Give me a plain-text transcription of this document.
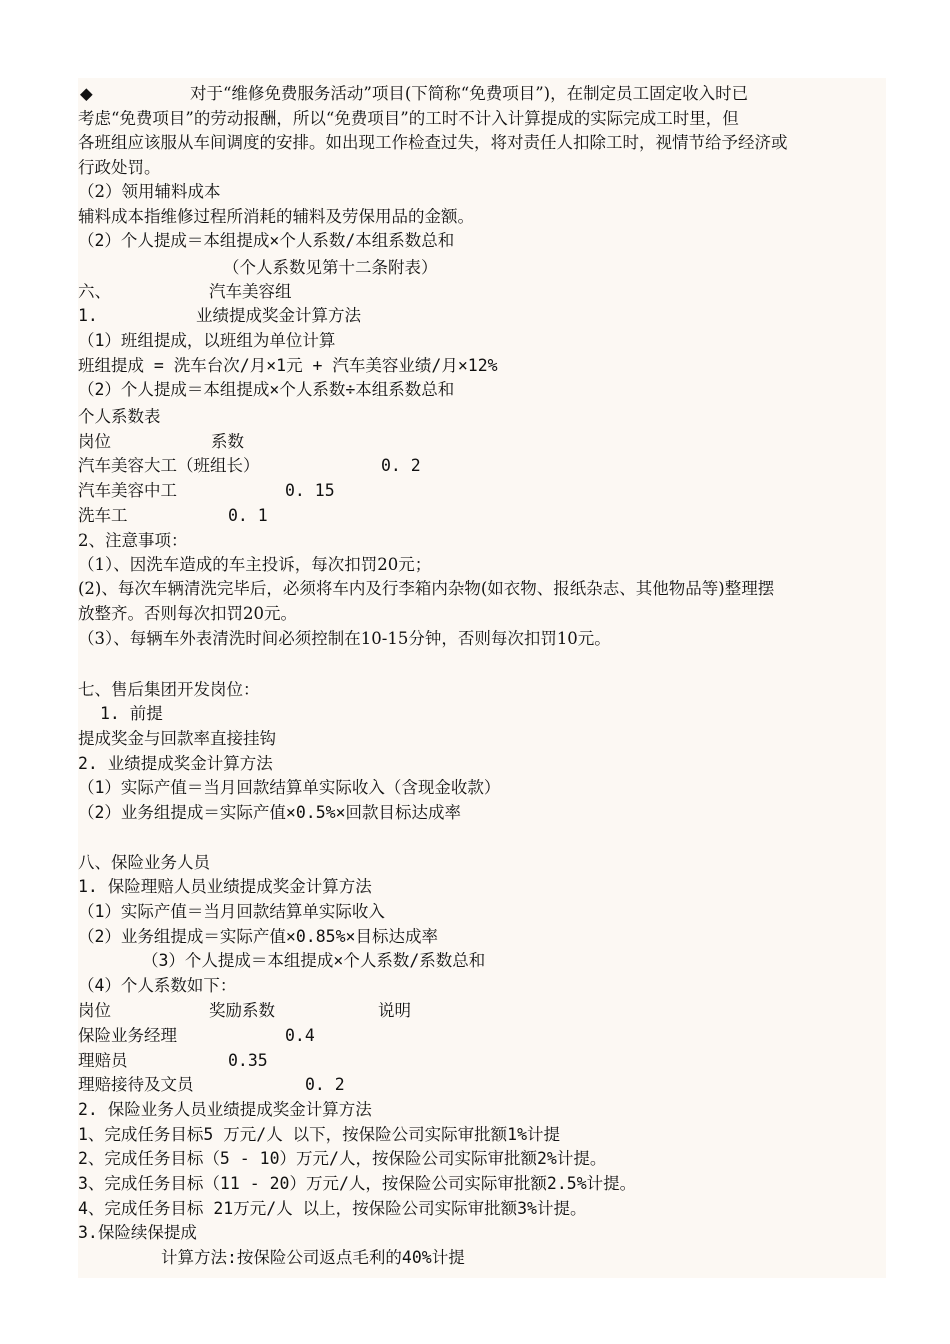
◆	对于“维修免费服务活动”项目(下简称“免费项目”)，在制定员工固定收入时已
考虑“免费项目”的劳动报酬，所以“免费项目”的工时不计入计算提成的实际完成工时里，但
各班组应该服从车间调度的安排。如出现工作检查过失，将对责任人扣除工时，视情节给予经济或
行政处罚。
（2）领用辅料成本
辅料成本指维修过程所消耗的辅料及劳保用品的金额。
（2）个人提成＝本组提成×个人系数/本组系数总和
（个人系数见第十二条附表）
六、	汽车美容组
1.	业绩提成奖金计算方法
（1）班组提成，以班组为单位计算
班组提成 = 洗车台次/月×1元 + 汽车美容业绩/月×12%
（2）个人提成＝本组提成×个人系数÷本组系数总和
个人系数表
岗位	系数
汽车美容大工（班组长）	0. 2
汽车美容中工	0. 15
洗车工	0. 1
2、注意事项：
（1）、因洗车造成的车主投诉，每次扣罚20元；
(2)、每次车辆清洗完毕后，必须将车内及行李箱内杂物(如衣物、报纸杂志、其他物品等)整理摆
放整齐。否则每次扣罚20元。
（3）、每辆车外表清洗时间必须控制在10-15分钟，否则每次扣罚10元。
七、售后集团开发岗位：
1. 前提
提成奖金与回款率直接挂钩
2. 业绩提成奖金计算方法
（1）实际产值＝当月回款结算单实际收入（含现金收款）
（2）业务组提成＝实际产值×0.5%×回款目标达成率
八、保险业务人员
1. 保险理赔人员业绩提成奖金计算方法
（1）实际产值＝当月回款结算单实际收入
（2）业务组提成＝实际产值×0.85%×目标达成率
（3）个人提成＝本组提成×个人系数/系数总和
（4）个人系数如下：
岗位	奖励系数	说明
保险业务经理	0.4
理赔员	0.35
理赔接待及文员	0. 2
2. 保险业务人员业绩提成奖金计算方法
1、完成任务目标5 万元/人 以下，按保险公司实际审批额1%计提
2、完成任务目标（5 - 10）万元/人，按保险公司实际审批额2%计提。
3、完成任务目标（11 - 20）万元/人，按保险公司实际审批额2.5%计提。
4、完成任务目标 21万元/人 以上，按保险公司实际审批额3%计提。
3.保险续保提成
计算方法:按保险公司返点毛利的40%计提
